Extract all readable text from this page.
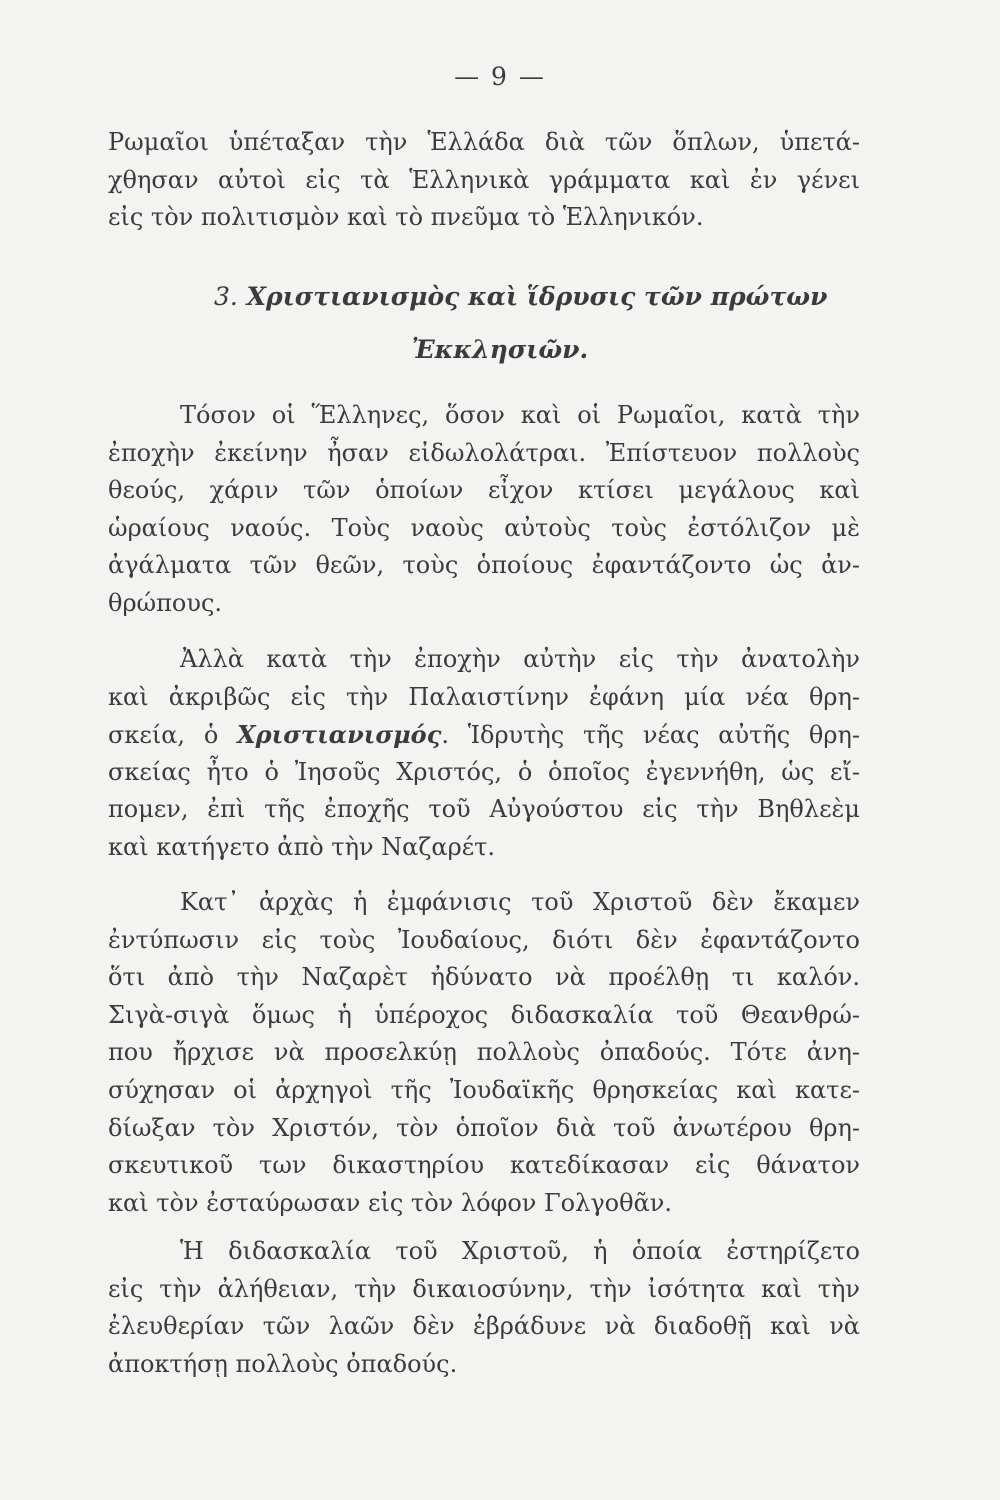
— 9 —
Ρωμαῖοι ὑπέταξαν τὴν Ἑλλάδα διὰ τῶν ὅπλων, ὑπετά-
χθησαν αὐτοὶ εἰς τὰ Ἑλληνικὰ γράμματα καὶ ἐν γένει
εἰς τὸν πολιτισμὸν καὶ τὸ πνεῦμα τὸ Ἑλληνικόν.
3. Χριστιανισμὸς καὶ ἵδρυσις τῶν πρώτων
Ἐκκλησιῶν.
Τόσον οἱ Ἕλληνες, ὅσον καὶ οἱ Ρωμαῖοι, κατὰ τὴν
ἐποχὴν ἐκείνην ἦσαν εἰδωλολάτραι. Ἐπίστευον πολλοὺς
θεούς, χάριν τῶν ὁποίων εἶχον κτίσει μεγάλους καὶ
ὡραίους ναούς. Τοὺς ναοὺς αὐτοὺς τοὺς ἐστόλιζον μὲ
ἀγάλματα τῶν θεῶν, τοὺς ὁποίους ἐφαντάζοντο ὡς ἀν-
θρώπους.
Ἀλλὰ κατὰ τὴν ἐποχὴν αὐτὴν εἰς τὴν ἀνατολὴν
καὶ ἀκριβῶς εἰς τὴν Παλαιστίνην ἐφάνη μία νέα θρη-
σκεία, ὁ Χριστιανισμός. Ἱδρυτὴς τῆς νέας αὐτῆς θρη-
σκείας ἦτο ὁ Ἰησοῦς Χριστός, ὁ ὁποῖος ἐγεννήθη, ὡς εἴ-
πομεν, ἐπὶ τῆς ἐποχῆς τοῦ Αὐγούστου εἰς τὴν Βηθλεὲμ
καὶ κατήγετο ἀπὸ τὴν Ναζαρέτ.
Κατ᾽ ἀρχὰς ἡ ἐμφάνισις τοῦ Χριστοῦ δὲν ἔκαμεν
ἐντύπωσιν εἰς τοὺς Ἰουδαίους, διότι δὲν ἐφαντάζοντο
ὅτι ἀπὸ τὴν Ναζαρὲτ ἠδύνατο νὰ προέλθῃ τι καλόν.
Σιγὰ-σιγὰ ὅμως ἡ ὑπέροχος διδασκαλία τοῦ Θεανθρώ-
που ἤρχισε νὰ προσελκύῃ πολλοὺς ὀπαδούς. Τότε ἀνη-
σύχησαν οἱ ἀρχηγοὶ τῆς Ἰουδαϊκῆς θρησκείας καὶ κατε-
δίωξαν τὸν Χριστόν, τὸν ὁποῖον διὰ τοῦ ἀνωτέρου θρη-
σκευτικοῦ των δικαστηρίου κατεδίκασαν εἰς θάνατον
καὶ τὸν ἐσταύρωσαν εἰς τὸν λόφον Γολγοθᾶν.
Ἡ διδασκαλία τοῦ Χριστοῦ, ἡ ὁποία ἐστηρίζετο
εἰς τὴν ἀλήθειαν, τὴν δικαιοσύνην, τὴν ἰσότητα καὶ τὴν
ἐλευθερίαν τῶν λαῶν δὲν ἐβράδυνε νὰ διαδοθῇ καὶ νὰ
ἀποκτήσῃ πολλοὺς ὀπαδούς.
